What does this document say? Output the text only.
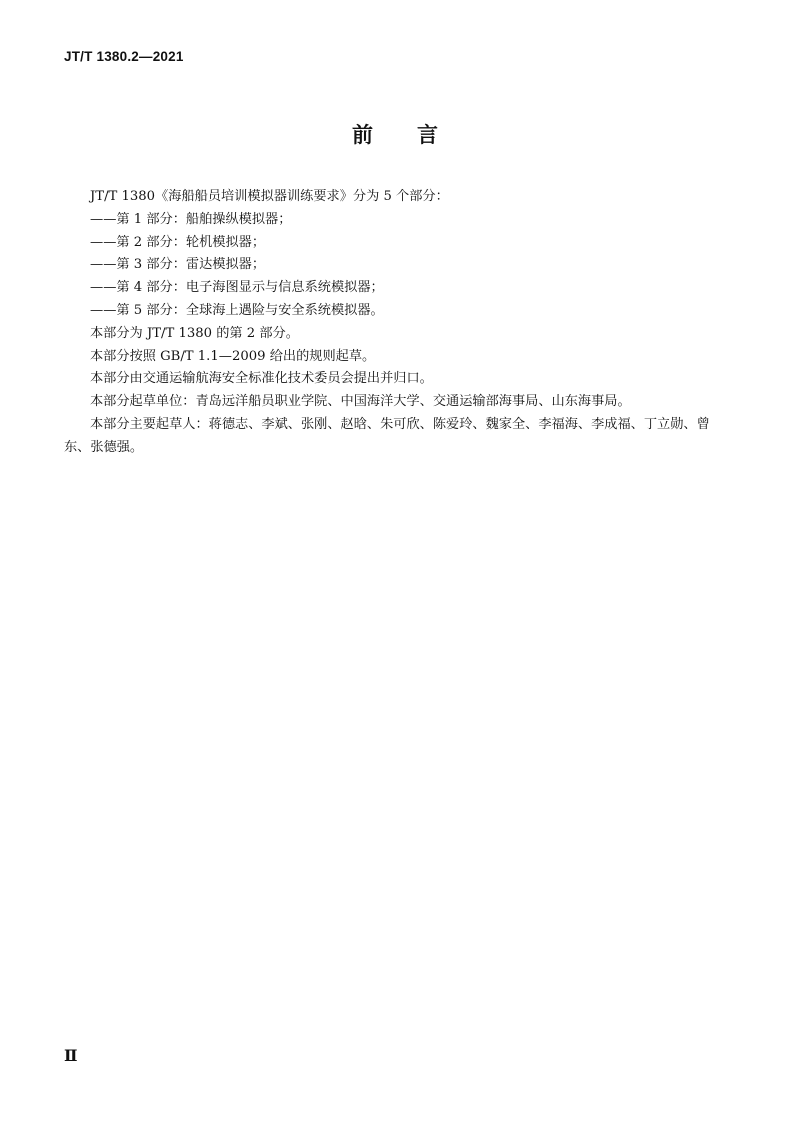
JT/T 1380.2—2021
前言

JT/T 1380《海船船员培训模拟器训练要求》分为 5 个部分：

——第 1 部分：船舶操纵模拟器；

——第 2 部分：轮机模拟器；

——第 3 部分：雷达模拟器；

——第 4 部分：电子海图显示与信息系统模拟器；

——第 5 部分：全球海上遇险与安全系统模拟器。

本部分为 JT/T 1380 的第 2 部分。

本部分按照 GB/T 1.1—2009 给出的规则起草。

本部分由交通运输航海安全标准化技术委员会提出并归口。

本部分起草单位：青岛远洋船员职业学院、中国海洋大学、交通运输部海事局、山东海事局。

本部分主要起草人：蒋德志、李斌、张刚、赵晗、朱可欣、陈爱玲、魏家全、李福海、李成福、丁立勋、曾东、张德强。

Ⅱ
